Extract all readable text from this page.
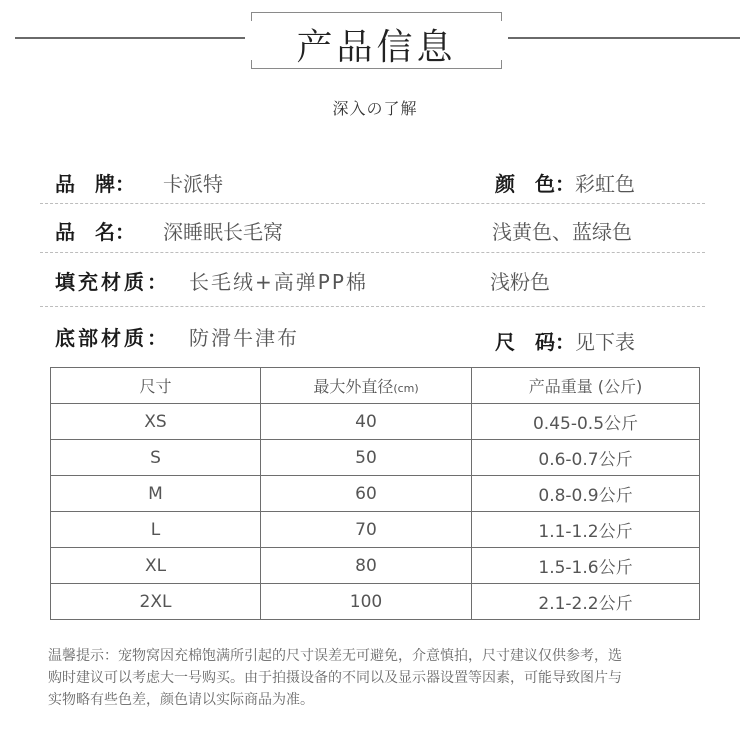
产品信息
深入の了解
品　牌： 卡派特	颜　色：彩虹色
品　名： 深睡眠长毛窝	浅黄色、蓝绿色
填充材质： 长毛绒+高弹PP棉	浅粉色
底部材质： 防滑牛津布	尺　码：见下表
尺寸	最大外直径(cm)	产品重量 (公斤)
XS	40	0.45-0.5公斤
S	50	0.6-0.7公斤
M	60	0.8-0.9公斤
L	70	1.1-1.2公斤
XL	80	1.5-1.6公斤
2XL	100	2.1-2.2公斤
温馨提示：宠物窝因充棉饱满所引起的尺寸误差无可避免，介意慎拍，尺寸建议仅供参考，选
购时建议可以考虑大一号购买。由于拍摄设备的不同以及显示器设置等因素，可能导致图片与
实物略有些色差，颜色请以实际商品为准。
